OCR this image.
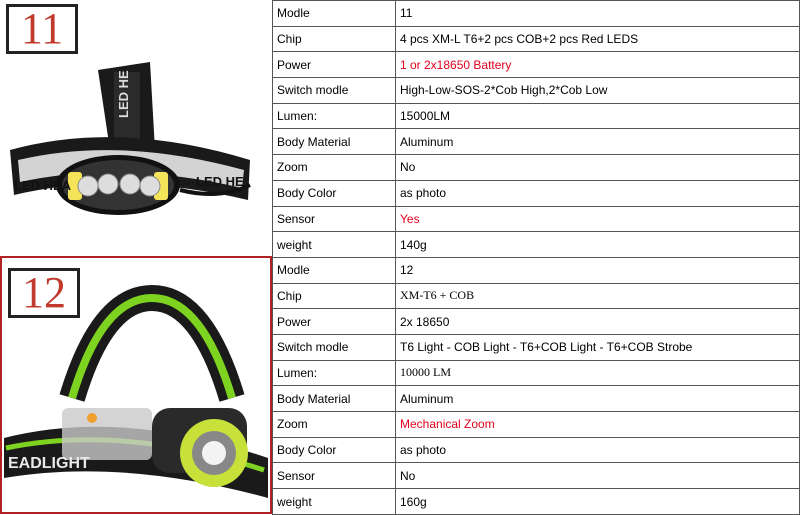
LED HE
LED HEA	LED HE
11
EADLIGHT
12
Modle	11
Chip	4 pcs XM-L T6+2 pcs COB+2 pcs Red LEDS
Power	1 or 2x18650 Battery
Switch modle	High-Low-SOS-2*Cob High,2*Cob Low
Lumen:	15000LM
Body Material	Aluminum
Zoom	No
Body Color	as photo
Sensor	Yes
weight	140g
Modle	12
Chip	XM-T6 + COB
Power	2x 18650
Switch modle	T6 Light - COB Light - T6+COB Light - T6+COB Strobe
Lumen:	10000 LM
Body Material	Aluminum
Zoom	Mechanical Zoom
Body Color	as photo
Sensor	No
weight	160g
